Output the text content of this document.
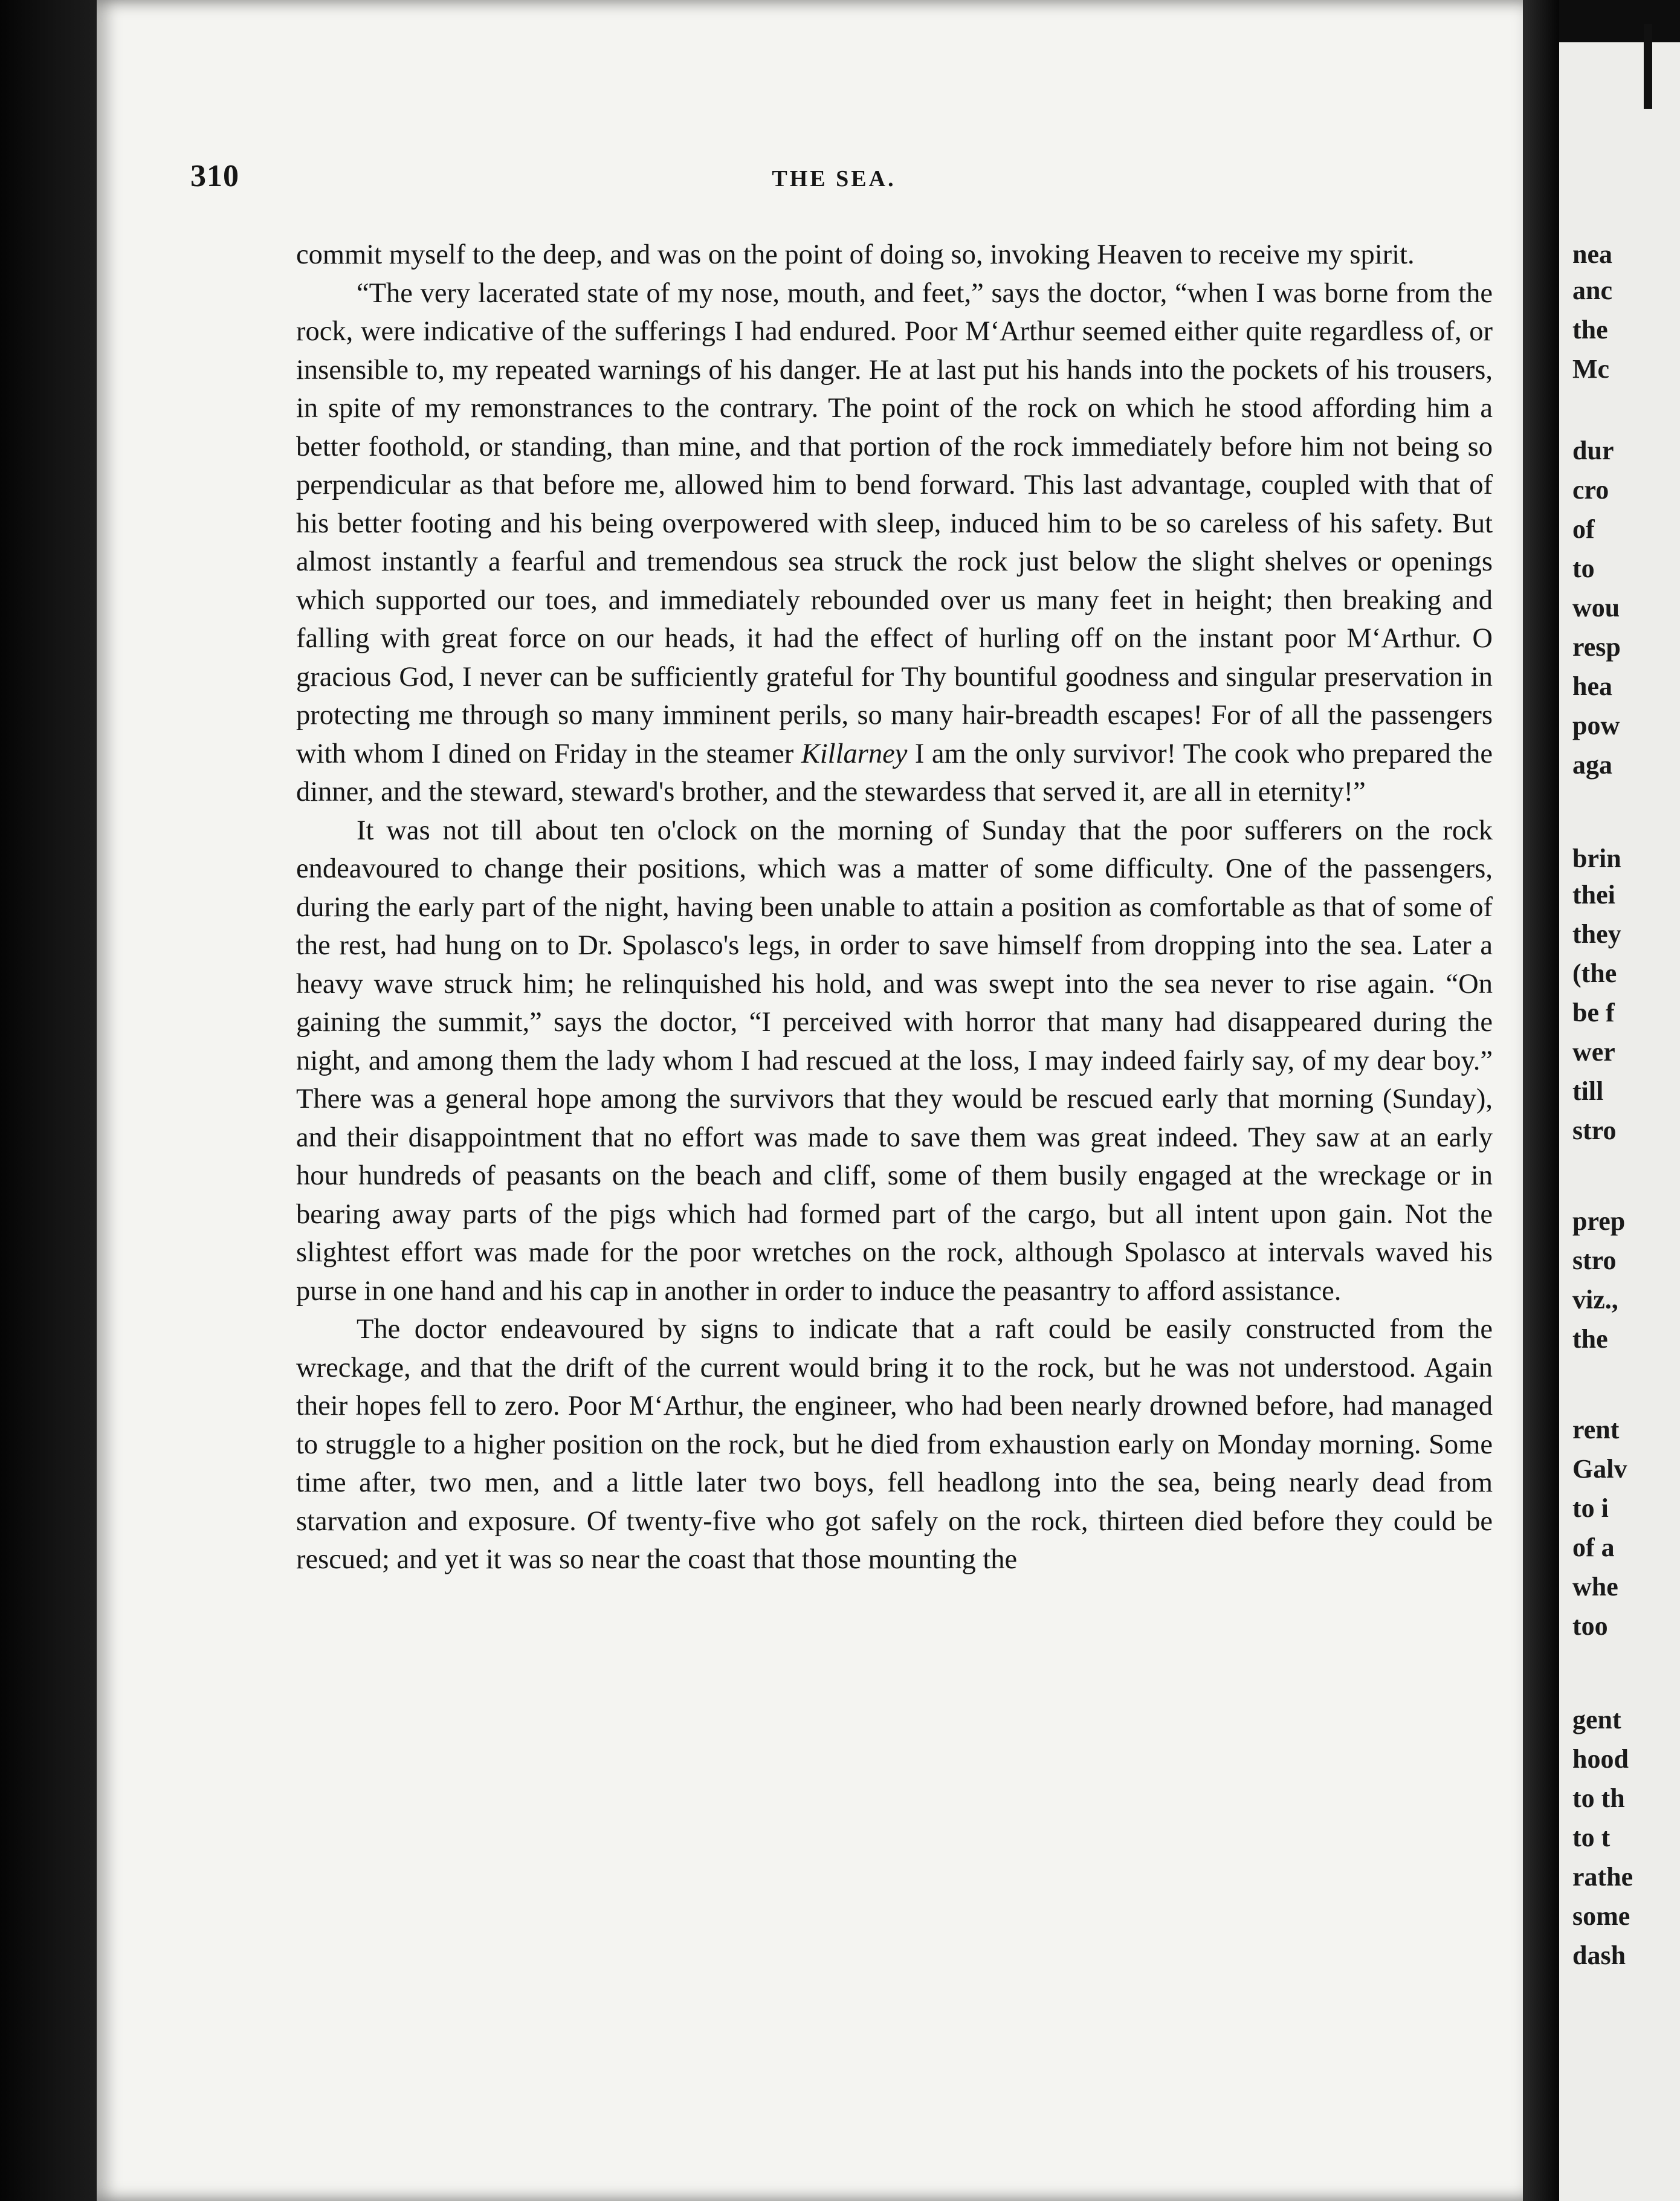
310	THE SEA.

commit myself to the deep, and was on the point of doing so, invoking Heaven to receive my spirit.

“The very lacerated state of my nose, mouth, and feet,” says the doctor, “when I was borne from the rock, were indicative of the sufferings I had endured. Poor M‘Arthur seemed either quite regardless of, or insensible to, my repeated warnings of his danger. He at last put his hands into the pockets of his trousers, in spite of my remonstrances to the contrary. The point of the rock on which he stood affording him a better foothold, or standing, than mine, and that portion of the rock immediately before him not being so perpendicular as that before me, allowed him to bend forward. This last advantage, coupled with that of his better footing and his being overpowered with sleep, induced him to be so careless of his safety. But almost instantly a fearful and tremendous sea struck the rock just below the slight shelves or openings which supported our toes, and immediately rebounded over us many feet in height; then breaking and falling with great force on our heads, it had the effect of hurling off on the instant poor M‘Arthur. O gracious God, I never can be sufficiently grateful for Thy bountiful goodness and singular preservation in protecting me through so many imminent perils, so many hair-breadth escapes! For of all the passengers with whom I dined on Friday in the steamer Killarney I am the only survivor! The cook who prepared the dinner, and the steward, steward's brother, and the stewardess that served it, are all in eternity!”

It was not till about ten o'clock on the morning of Sunday that the poor sufferers on the rock endeavoured to change their positions, which was a matter of some difficulty. One of the passengers, during the early part of the night, having been unable to attain a position as comfortable as that of some of the rest, had hung on to Dr. Spolasco's legs, in order to save himself from dropping into the sea. Later a heavy wave struck him; he relinquished his hold, and was swept into the sea never to rise again. “On gaining the summit,” says the doctor, “I perceived with horror that many had disappeared during the night, and among them the lady whom I had rescued at the loss, I may indeed fairly say, of my dear boy.” There was a general hope among the survivors that they would be rescued early that morning (Sunday), and their disappointment that no effort was made to save them was great indeed. They saw at an early hour hundreds of peasants on the beach and cliff, some of them busily engaged at the wreckage or in bearing away parts of the pigs which had formed part of the cargo, but all intent upon gain. Not the slightest effort was made for the poor wretches on the rock, although Spolasco at intervals waved his purse in one hand and his cap in another in order to induce the peasantry to afford assistance.

The doctor endeavoured by signs to indicate that a raft could be easily constructed from the wreckage, and that the drift of the current would bring it to the rock, but he was not understood. Again their hopes fell to zero. Poor M‘Arthur, the engineer, who had been nearly drowned before, had managed to struggle to a higher position on the rock, but he died from exhaustion early on Monday morning. Some time after, two men, and a little later two boys, fell headlong into the sea, being nearly dead from starvation and exposure. Of twenty-five who got safely on the rock, thirteen died before they could be rescued; and yet it was so near the coast that those mounting the

nea
anc
the
Mc
dur
cro
of
to
wou
resp
hea
pow
aga
brin
thei
they
(the
be f
wer
till
stro
prep
stro
viz.,
the
rent
Galv
to i
of a
whe
too
gent
hood
to th
to t
rathe
some
dash
